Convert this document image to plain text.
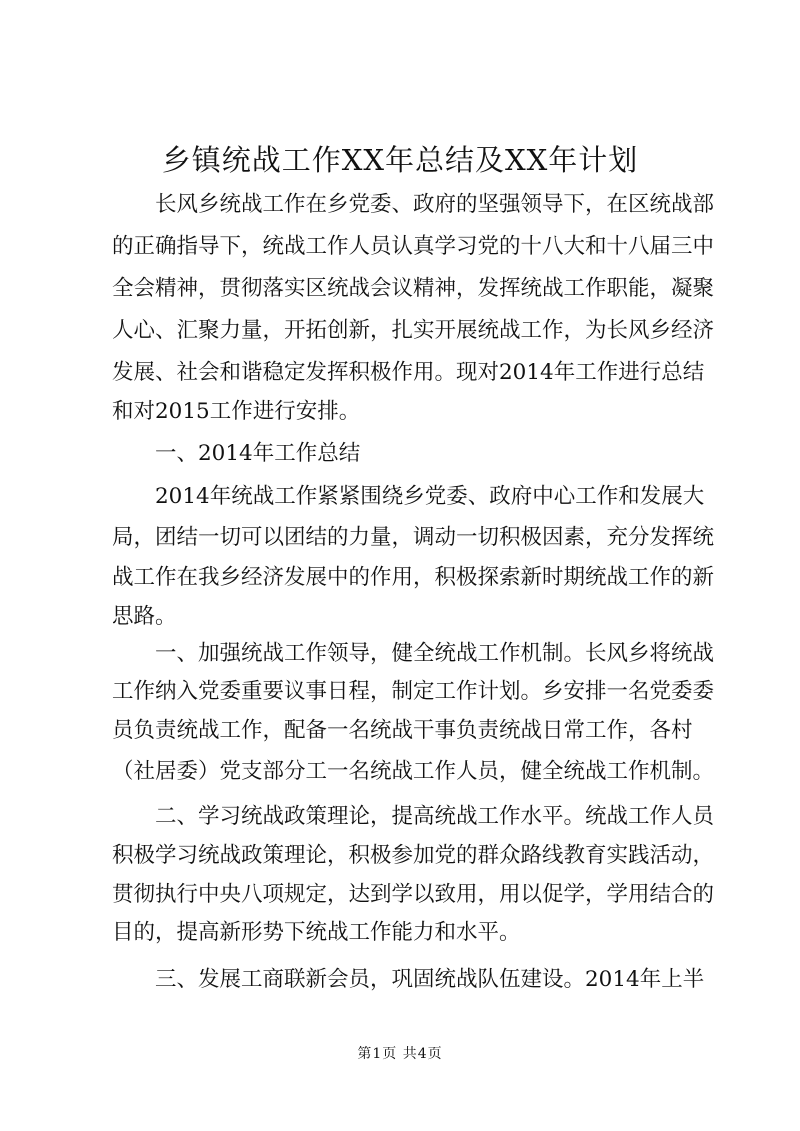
乡镇统战工作XX年总结及XX年计划
长风乡统战工作在乡党委、政府的坚强领导下，在区统战部
的正确指导下，统战工作人员认真学习党的十八大和十八届三中
全会精神，贯彻落实区统战会议精神，发挥统战工作职能，凝聚
人心、汇聚力量，开拓创新，扎实开展统战工作，为长风乡经济
发展、社会和谐稳定发挥积极作用。现对2014年工作进行总结
和对2015工作进行安排。
一、2014年工作总结
2014年统战工作紧紧围绕乡党委、政府中心工作和发展大
局，团结一切可以团结的力量，调动一切积极因素，充分发挥统
战工作在我乡经济发展中的作用，积极探索新时期统战工作的新
思路。
一、加强统战工作领导，健全统战工作机制。长风乡将统战
工作纳入党委重要议事日程，制定工作计划。乡安排一名党委委
员负责统战工作，配备一名统战干事负责统战日常工作，各村
（社居委）党支部分工一名统战工作人员，健全统战工作机制。
二、学习统战政策理论，提高统战工作水平。统战工作人员
积极学习统战政策理论，积极参加党的群众路线教育实践活动，
贯彻执行中央八项规定，达到学以致用，用以促学，学用结合的
目的，提高新形势下统战工作能力和水平。
三、发展工商联新会员，巩固统战队伍建设。2014年上半
第1页 共4页
